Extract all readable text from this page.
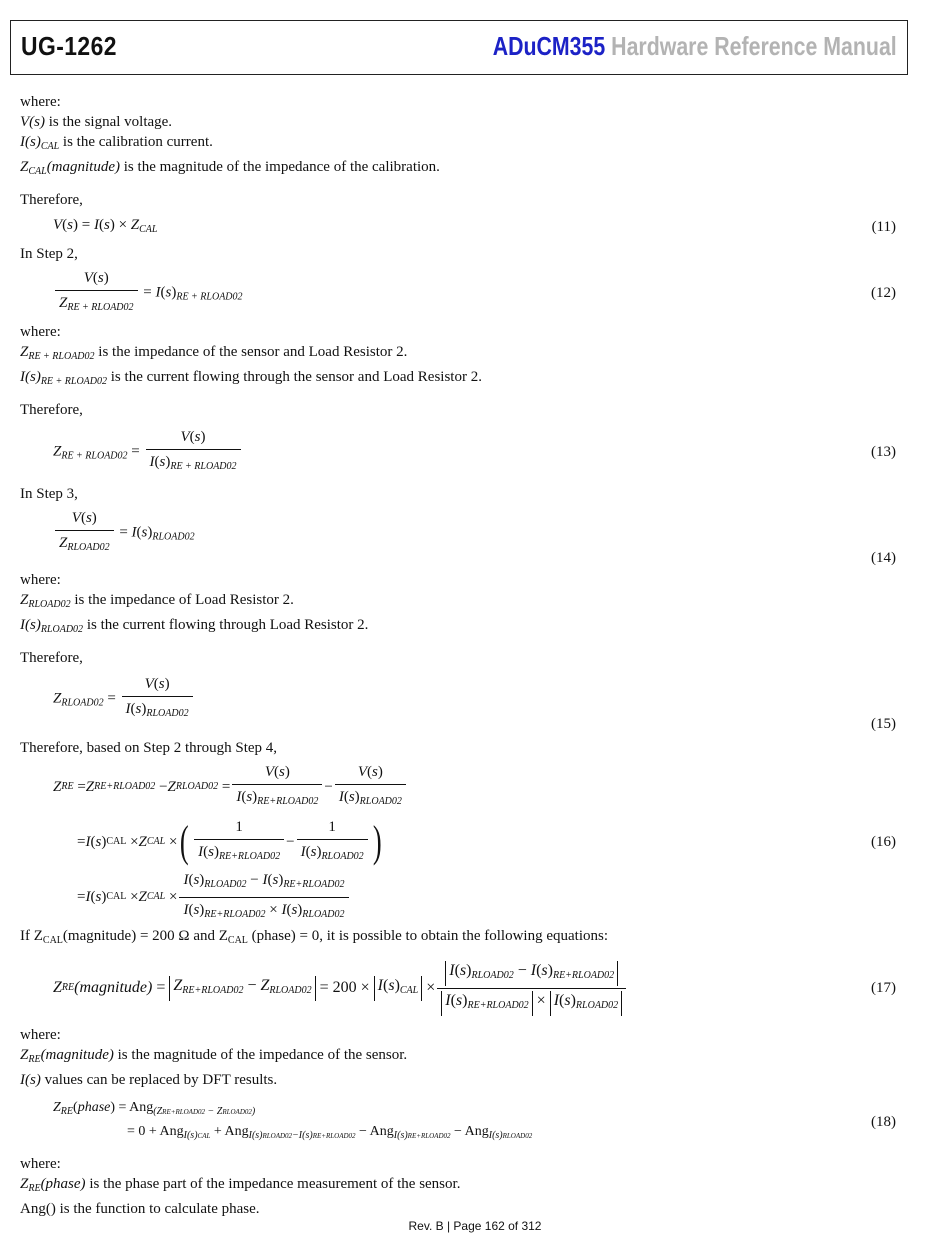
UG-1262	ADuCM355 Hardware Reference Manual

where:

V(s) is the signal voltage.

$I(s)_{CAL}$ is the calibration current.

$Z_{CAL}(magnitude)$ is the magnitude of the impedance of the calibration.

Therefore,

$V(s) = I(s) \times Z_{CAL}$	(11)

In Step 2,

$\frac{V(s)}{Z_{RE + RLOAD02}} = I(s)_{RE + RLOAD02}$	(12)

where:

$Z_{RE + RLOAD02}$ is the impedance of the sensor and Load Resistor 2.

$I(s)_{RE + RLOAD02}$ is the current flowing through the sensor and Load Resistor 2.

Therefore,

$Z_{RE + RLOAD02} = \frac{V(s)}{I(s)_{RE + RLOAD02}}$	(13)

In Step 3,

$\frac{V(s)}{Z_{RLOAD02}} = I(s)_{RLOAD02}$
(14)

where:

$Z_{RLOAD02}$ is the impedance of Load Resistor 2.

$I(s)_{RLOAD02}$ is the current flowing through Load Resistor 2.

Therefore,

$Z_{RLOAD02} = \frac{V(s)}{I(s)_{RLOAD02}}$	(15)

Therefore, based on Step 2 through Step 4,

Z RE = Z RE+RLOAD02 − Z RLOAD02 = $\frac{V(s)}{I(s)_{RE+RLOAD02}} - \frac{V(s)}{I(s)_{RLOAD02}}$
= I ( s ) CAL × Z CAL × ( $\frac{1}{I(s)_{RE+RLOAD02}} - \frac{1}{I(s)_{RLOAD02}}$ )
= I ( s ) CAL × Z CAL × $\frac{I(s)_{RLOAD02} - I(s)_{RE+RLOAD02}}{I(s)_{RE+RLOAD02} \times I(s)_{RLOAD02}}$
(16)

If $Z_{CAL}(magnitude) = 200$ Ω and $Z_{CAL}$ (phase) = 0, it is possible to obtain the following equations:

Z RE (magnitude) = $Z_{RE+RLOAD02} - Z_{RLOAD02} = 200 \times I(s)_{CAL} \times \frac{I(s)_{RLOAD02} - I(s)_{RE+RLOAD02}}{I(s)_{RE+RLOAD02} \times I(s)_{RLOAD02}}$	(17)

where:

$Z_{RE}(magnitude)$ is the magnitude of the impedance of the sensor.

I(s) values can be replaced by DFT results.

$Z_{RE}(phase) = Ang_{(ZRE+RLOAD02 - ZRLOAD02)}$
= 0 + Ang$_{I(s)CAL}$ + Ang$_{I(s)RLOAD02-I(s)RE+RLOAD02}$ − Ang$_{I(s)RE+RLOAD02}$ − Ang$_{I(s)RLOAD02}$
(18)

where:

$Z_{RE}(phase)$ is the phase part of the impedance measurement of the sensor.

Ang() is the function to calculate phase.

Rev. B | Page 162 of 312
